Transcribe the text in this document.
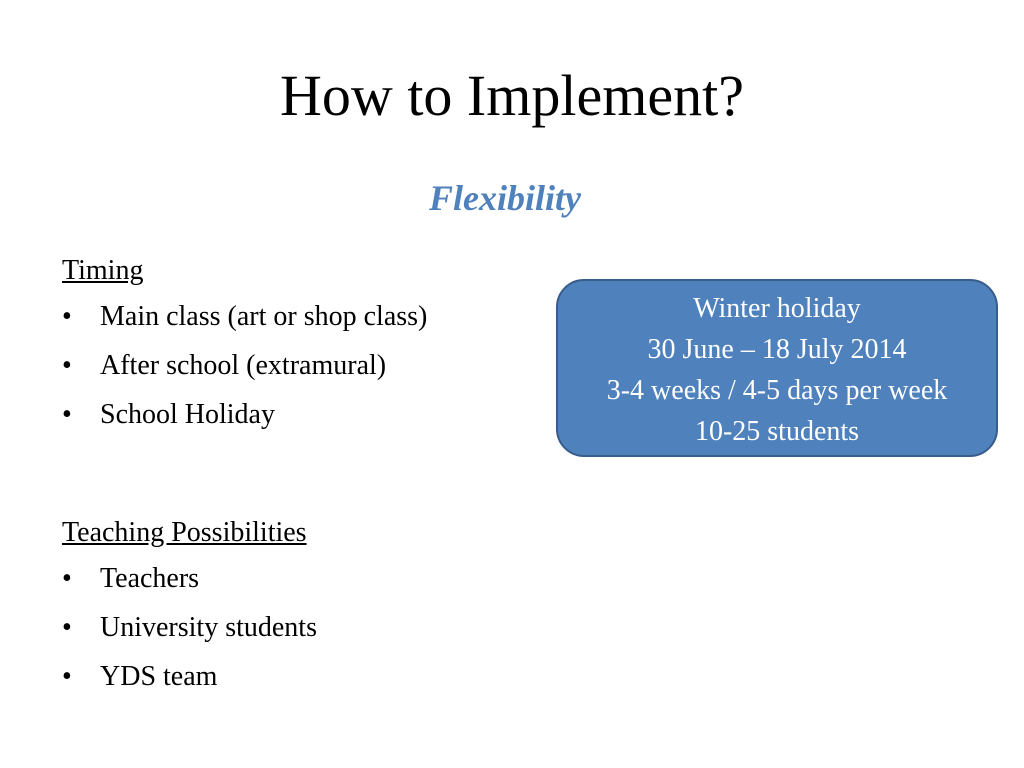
How to Implement?
Flexibility
Timing
• Main class (art or shop class)
• After school (extramural)
• School Holiday
Teaching Possibilities
• Teachers
• University students
• YDS team
Winter holiday
30 June – 18 July 2014
3-4 weeks / 4-5 days per week
10-25 students
